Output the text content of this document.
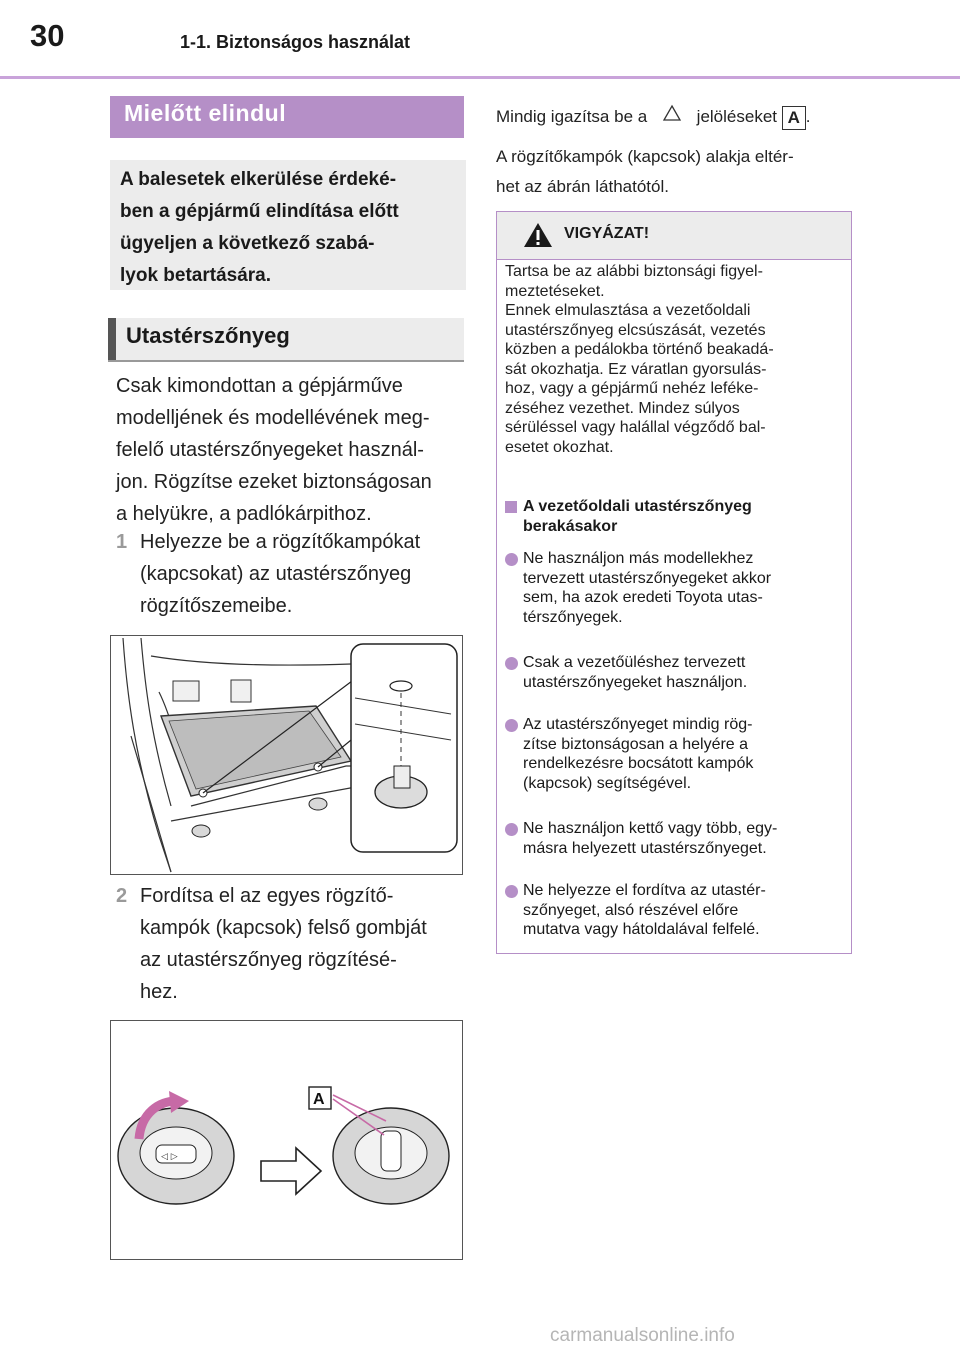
30	1-1. Biztonságos használat
Mielőtt elindul

A balesetek elkerülése érdeké-
ben a gépjármű elindítása előtt
ügyeljen a következő szabá-
lyok betartására.

Utastérszőnyeg
Csak kimondottan a gépjárműve
modelljének és modellévének meg-
felelő utastérszőnyegeket használ-
jon. Rögzítse ezeket biztonságosan
a helyükre, a padlókárpithoz.
1 Helyezze be a rögzítőkampókat
(kapcsokat) az utastérszőnyeg
rögzítőszemeibe.
2 Fordítsa el az egyes rögzítő-
kampók (kapcsok) felső gombját
az utastérszőnyeg rögzítésé-
hez.
◁ ▷
A
Mindig igazítsa be a	jelöléseket A .
A rögzítőkampók (kapcsok) alakja eltér-
het az ábrán láthatótól.
VIGYÁZAT!
Tartsa be az alábbi biztonsági figyel-
meztetéseket.
Ennek elmulasztása a vezetőoldali
utastérszőnyeg elcsúszását, vezetés
közben a pedálokba történő beakadá-
sát okozhatja. Ez váratlan gyorsulás-
hoz, vagy a gépjármű nehéz leféke-
zéséhez vezethet. Mindez súlyos
sérüléssel vagy halállal végződő bal-
esetet okozhat.
A vezetőoldali utastérszőnyeg
berakásakor
Ne használjon más modellekhez
tervezett utastérszőnyegeket akkor
sem, ha azok eredeti Toyota utas-
térszőnyegek.
Csak a vezetőüléshez tervezett
utastérszőnyegeket használjon.
Az utastérszőnyeget mindig rög-
zítse biztonságosan a helyére a
rendelkezésre bocsátott kampók
(kapcsok) segítségével.
Ne használjon kettő vagy több, egy-
másra helyezett utastérszőnyeget.
Ne helyezze el fordítva az utastér-
szőnyeget, alsó részével előre
mutatva vagy hátoldalával felfelé.
carmanualsonline.info
